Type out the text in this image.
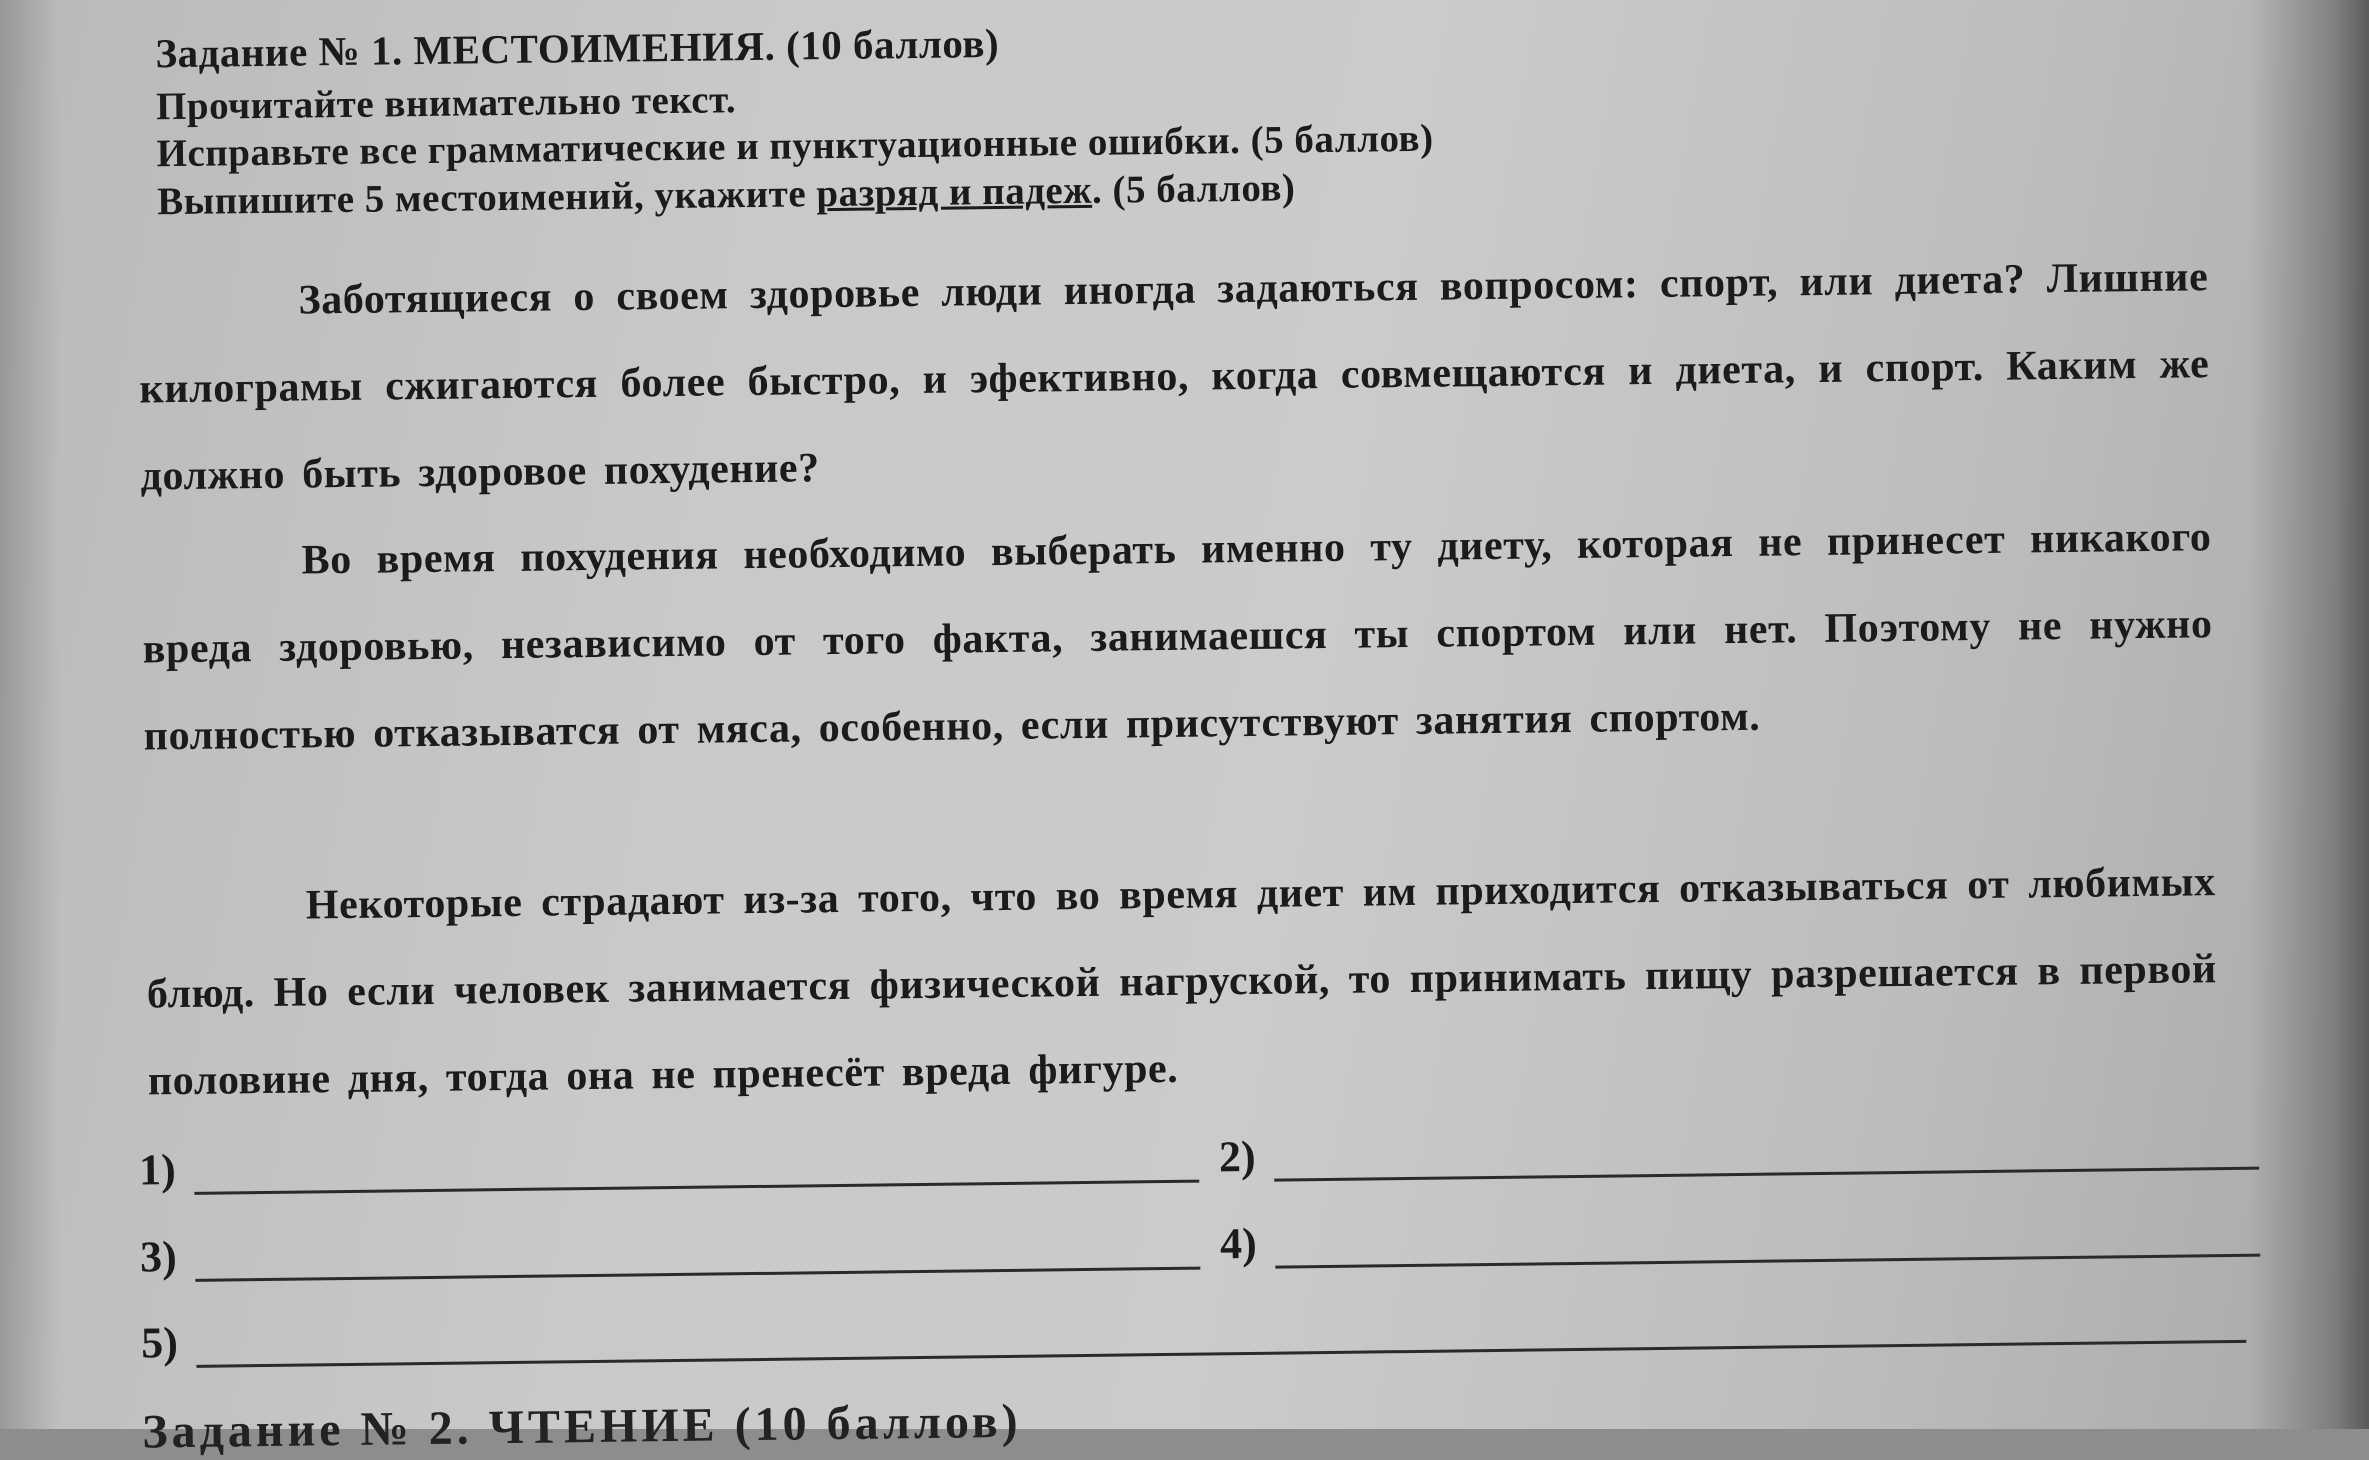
Задание № 1. МЕСТОИМЕНИЯ. (10 баллов)
Прочитайте внимательно текст.
Исправьте все грамматические и пунктуационные ошибки. (5 баллов)
Выпишите 5 местоимений, укажите разряд и падеж. (5 баллов)
Заботящиеся о своем здоровье люди иногда задаються вопросом: спорт, или диета? Лишние килограмы сжигаются более быстро, и эфективно, когда совмещаются и диета, и спорт. Каким же должно быть здоровое похудение?
Во время похудения необходимо выберать именно ту диету, которая не принесет никакого вреда здоровью, независимо от того факта, занимаешся ты спортом или нет. Поэтому не нужно полностью отказыватся от мяса, особенно, если присутствуют занятия спортом.
Некоторые страдают из-за того, что во время диет им приходится отказываться от любимых блюд. Но если человек занимается физической нагруской, то принимать пищу разрешается в первой половине дня, тогда она не пренесёт вреда фигуре.
1)	2)
3)	4)
5)
Задание № 2. ЧТЕНИЕ (10 баллов)
